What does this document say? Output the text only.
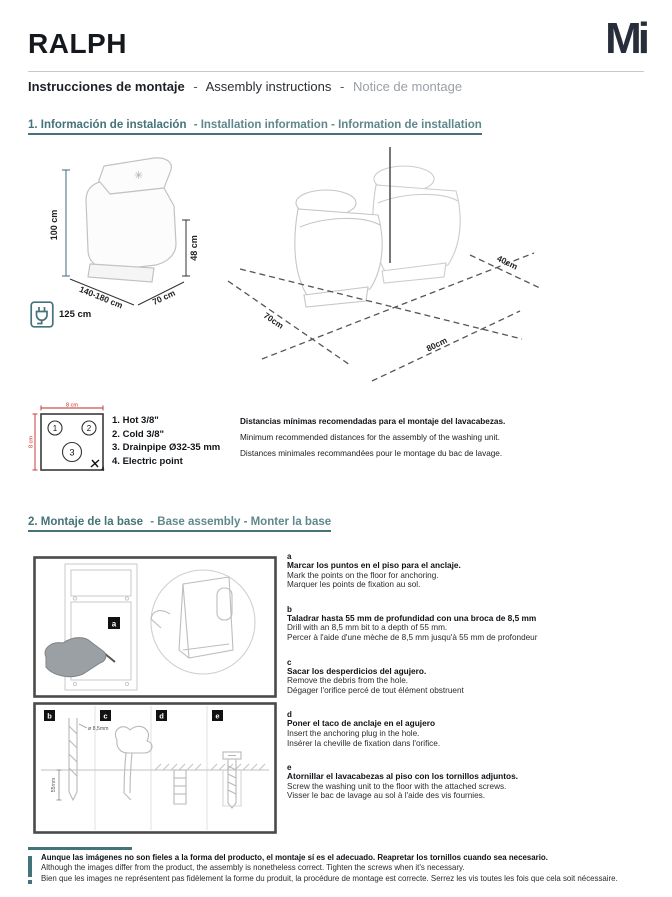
RALPH	Mi
Instrucciones de montaje - Assembly instructions - Notice de montage
1. Información de instalación - Installation information - Information de installation
✳
100 cm
48 cm
140-180 cm	70 cm
125 cm	70cm
80cm
40cm
8 cm
8 cm
1	2
3
4
1. Hot 3/8"
2. Cold 3/8"
3. Drainpipe Ø32-35 mm
4. Electric point
Distancias mínimas recomendadas para el montaje del lavacabezas.
Minimum recommended distances for the assembly of the washing unit.
Distances minimales recommandées pour le montage du bac de lavage.
2. Montaje de la base - Base assembly - Monter la base
a
b	c	d	e
ø 8,5mm
55mm
a
Marcar los puntos en el piso para el anclaje.
Mark the points on the floor for anchoring.
Marquer les points de fixation au sol.
b
Taladrar hasta 55 mm de profundidad con una broca de 8,5 mm
Drill with an 8,5 mm bit to a depth of 55 mm.
Percer à l'aide d'une mèche de 8,5 mm jusqu'à 55 mm de profondeur
c
Sacar los desperdicios del agujero.
Remove the debris from the hole.
Dégager l'orifice percé de tout élément obstruent
d
Poner el taco de anclaje en el agujero
Insert the anchoring plug in the hole.
Insérer la cheville de fixation dans l'orifice.
e
Atornillar el lavacabezas al piso con los tornillos adjuntos.
Screw the washing unit to the floor with the attached screws.
Visser le bac de lavage au sol à l'aide des vis fournies.
Aunque las imágenes no son fieles a la forma del producto, el montaje sí es el adecuado. Reapretar los tornillos cuando sea necesario.
Although the images differ from the product, the assembly is nonetheless correct. Tighten the screws when it's necessary.
Bien que les images ne représentent pas fidèlement la forme du produit, la procédure de montage est correcte. Serrez les vis toutes les fois que cela soit nécessaire.
